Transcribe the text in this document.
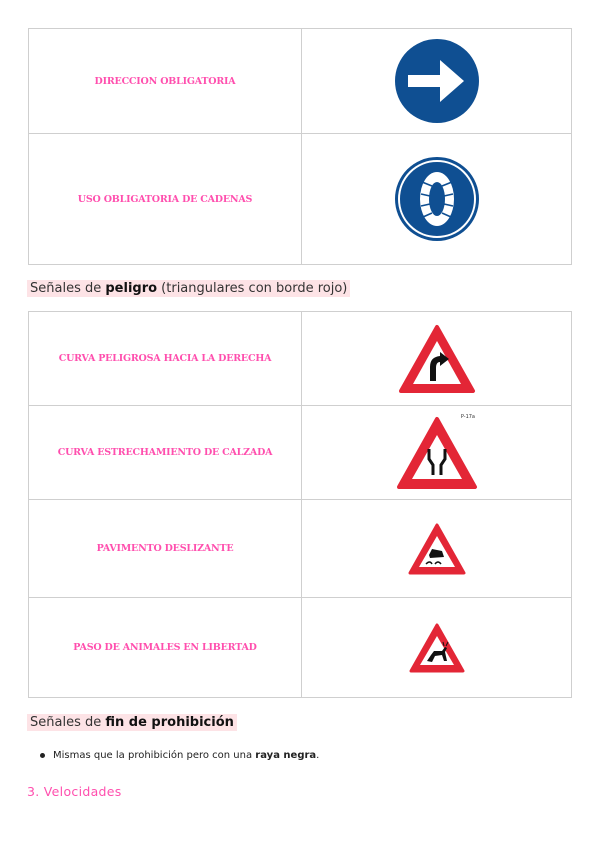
DIRECCION OBLIGATORIA	

USO OBLIGATORIA DE CADENAS	
Señales de peligro (triangulares con borde rojo)
CURVA PELIGROSA HACIA LA DERECHA	

CURVA ESTRECHAMIENTO DE CALZADA	P-17a

PAVIMENTO DESLIZANTE	

PASO DE ANIMALES EN LIBERTAD	
Señales de fin de prohibición
Mismas que la prohibición pero con una raya negra.
3. Velocidades
